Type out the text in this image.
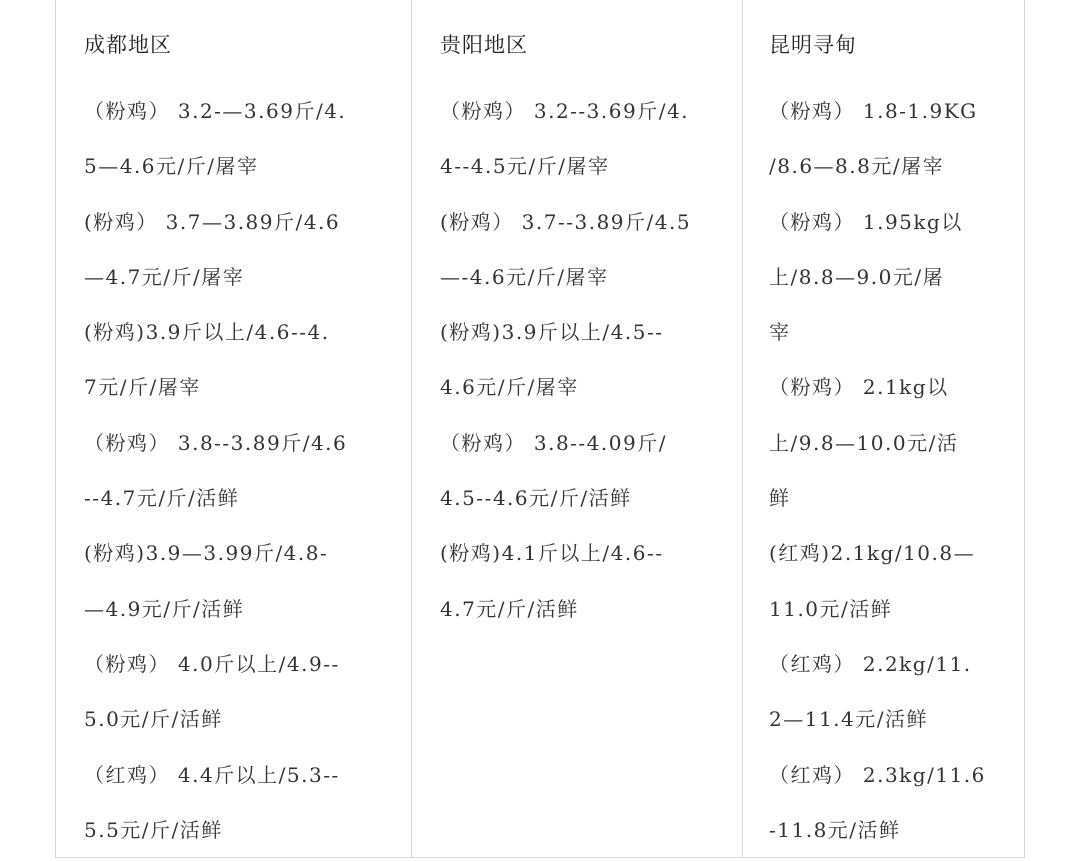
成都地区
（粉鸡） 3.2-—3.69斤/4.
5—4.6元/斤/屠宰
(粉鸡） 3.7—3.89斤/4.6
—4.7元/斤/屠宰
(粉鸡)3.9斤以上/4.6--4.
7元/斤/屠宰
（粉鸡） 3.8--3.89斤/4.6
--4.7元/斤/活鲜
(粉鸡)3.9—3.99斤/4.8-
—4.9元/斤/活鲜
（粉鸡） 4.0斤以上/4.9--
5.0元/斤/活鲜
（红鸡） 4.4斤以上/5.3--
5.5元/斤/活鲜
贵阳地区
（粉鸡） 3.2--3.69斤/4.
4--4.5元/斤/屠宰
(粉鸡） 3.7--3.89斤/4.5
—-4.6元/斤/屠宰
(粉鸡)3.9斤以上/4.5--
4.6元/斤/屠宰
（粉鸡） 3.8--4.09斤/
4.5--4.6元/斤/活鲜
(粉鸡)4.1斤以上/4.6--
4.7元/斤/活鲜
昆明寻甸
（粉鸡） 1.8-1.9KG
/8.6—8.8元/屠宰
（粉鸡） 1.95kg以
上/8.8—9.0元/屠
宰
（粉鸡） 2.1kg以
上/9.8—10.0元/活
鲜
(红鸡)2.1kg/10.8—
11.0元/活鲜
（红鸡） 2.2kg/11.
2—11.4元/活鲜
（红鸡） 2.3kg/11.6
-11.8元/活鲜
